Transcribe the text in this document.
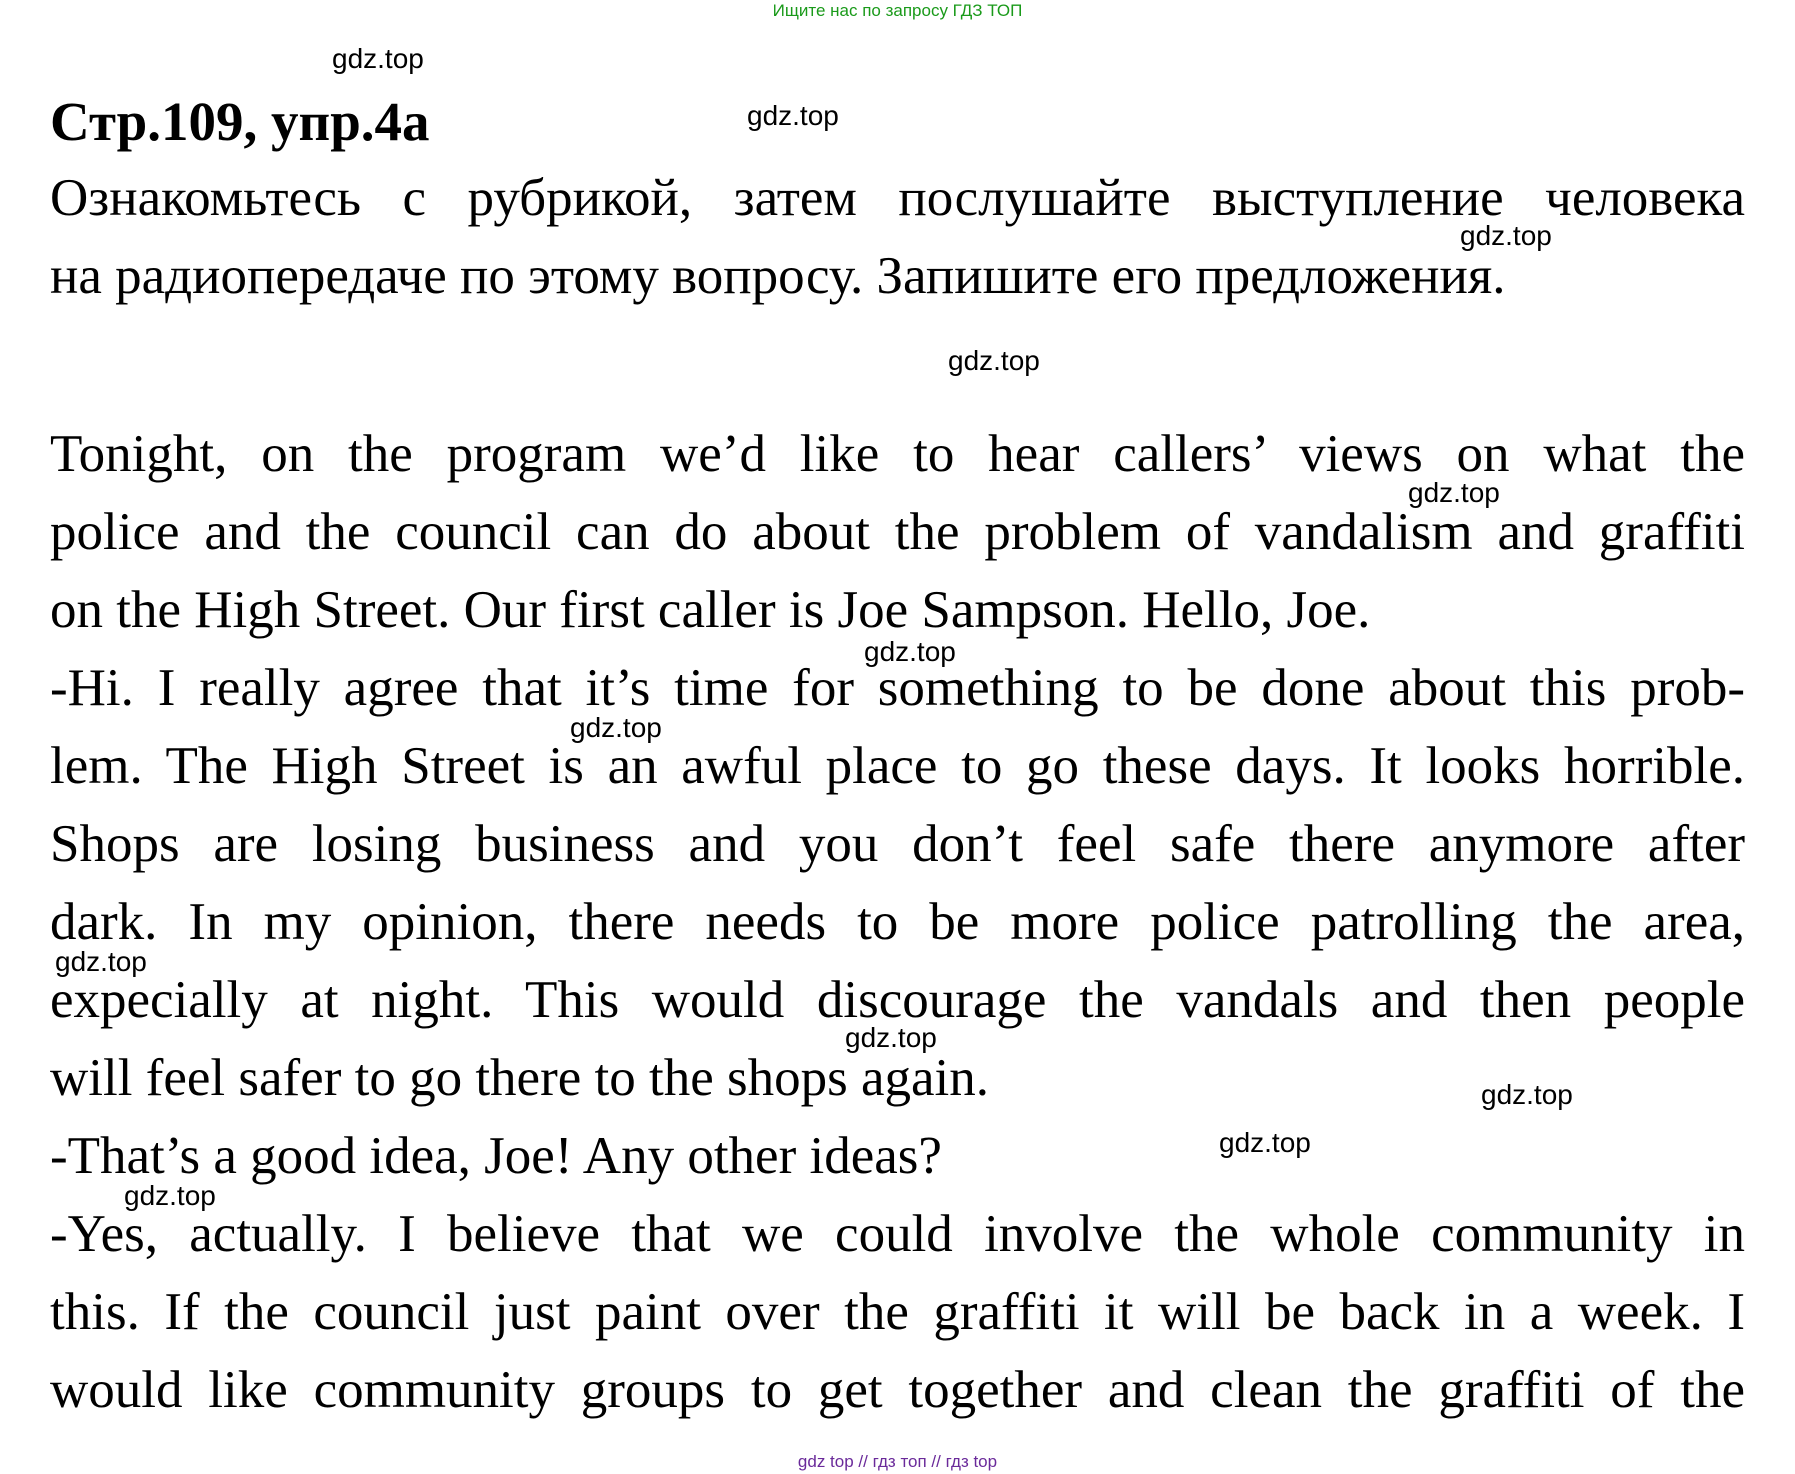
Ищите нас по запросу ГДЗ ТОП
Стр.109, упр.4a
Ознакомьтесь с рубрикой, затем послушайте выступление человека
на радиопередаче по этому вопросу. Запишите его предложения.
Tonight, on the program we’d like to hear callers’ views on what the
police and the council can do about the problem of vandalism and graffiti
on the High Street. Our first caller is Joe Sampson. Hello, Joe.
-Hi. I really agree that it’s time for something to be done about this prob-
lem. The High Street is an awful place to go these days. It looks horrible.
Shops are losing business and you don’t feel safe there anymore after
dark. In my opinion, there needs to be more police patrolling the area,
expecially at night. This would discourage the vandals and then people
will feel safer to go there to the shops again.
-That’s a good idea, Joe! Any other ideas?
-Yes, actually. I believe that we could involve the whole community in
this. If the council just paint over the graffiti it will be back in a week. I
would like community groups to get together and clean the graffiti of the
gdz.top
gdz.top
gdz.top
gdz.top
gdz.top
gdz.top
gdz.top
gdz.top
gdz.top
gdz.top
gdz.top
gdz.top
gdz top // гдз топ // гдз top
